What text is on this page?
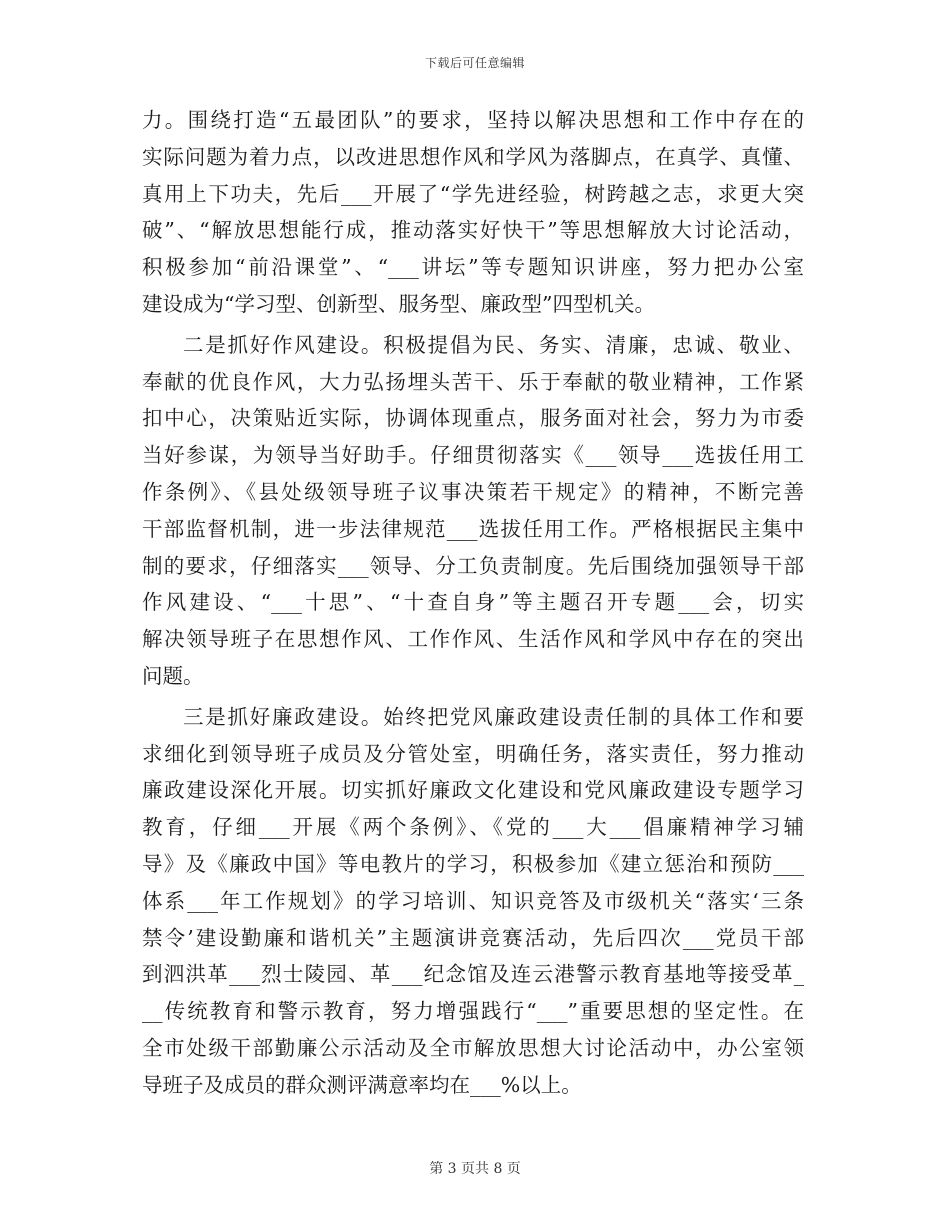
下载后可任意编辑
力。围绕打造“五最团队”的要求，坚持以解决思想和工作中存在的
实际问题为着力点，以改进思想作风和学风为落脚点，在真学、真懂、
真用上下功夫，先后___开展了“学先进经验，树跨越之志，求更大突
破”、“解放思想能行成，推动落实好快干”等思想解放大讨论活动，
积极参加“前沿课堂”、“___讲坛”等专题知识讲座，努力把办公室
建设成为“学习型、创新型、服务型、廉政型”四型机关。
二是抓好作风建设。积极提倡为民、务实、清廉，忠诚、敬业、
奉献的优良作风，大力弘扬埋头苦干、乐于奉献的敬业精神，工作紧
扣中心，决策贴近实际，协调体现重点，服务面对社会，努力为市委
当好参谋，为领导当好助手。仔细贯彻落实《___领导___选拔任用工
作条例》、《县处级领导班子议事决策若干规定》的精神，不断完善
干部监督机制，进一步法律规范___选拔任用工作。严格根据民主集中
制的要求，仔细落实___领导、分工负责制度。先后围绕加强领导干部
作风建设、“___十思”、“十查自身”等主题召开专题___会，切实
解决领导班子在思想作风、工作作风、生活作风和学风中存在的突出
问题。
三是抓好廉政建设。始终把党风廉政建设责任制的具体工作和要
求细化到领导班子成员及分管处室，明确任务，落实责任，努力推动
廉政建设深化开展。切实抓好廉政文化建设和党风廉政建设专题学习
教育，仔细___开展《两个条例》、《党的___大___倡廉精神学习辅
导》及《廉政中国》等电教片的学习，积极参加《建立惩治和预防___
体系___年工作规划》的学习培训、知识竞答及市级机关“落实‘三条
禁令’建设勤廉和谐机关”主题演讲竞赛活动，先后四次___党员干部
到泗洪革___烈士陵园、革___纪念馆及连云港警示教育基地等接受革_
__传统教育和警示教育，努力增强践行“___”重要思想的坚定性。在
全市处级干部勤廉公示活动及全市解放思想大讨论活动中，办公室领
导班子及成员的群众测评满意率均在___%以上。
第 3 页共 8 页
